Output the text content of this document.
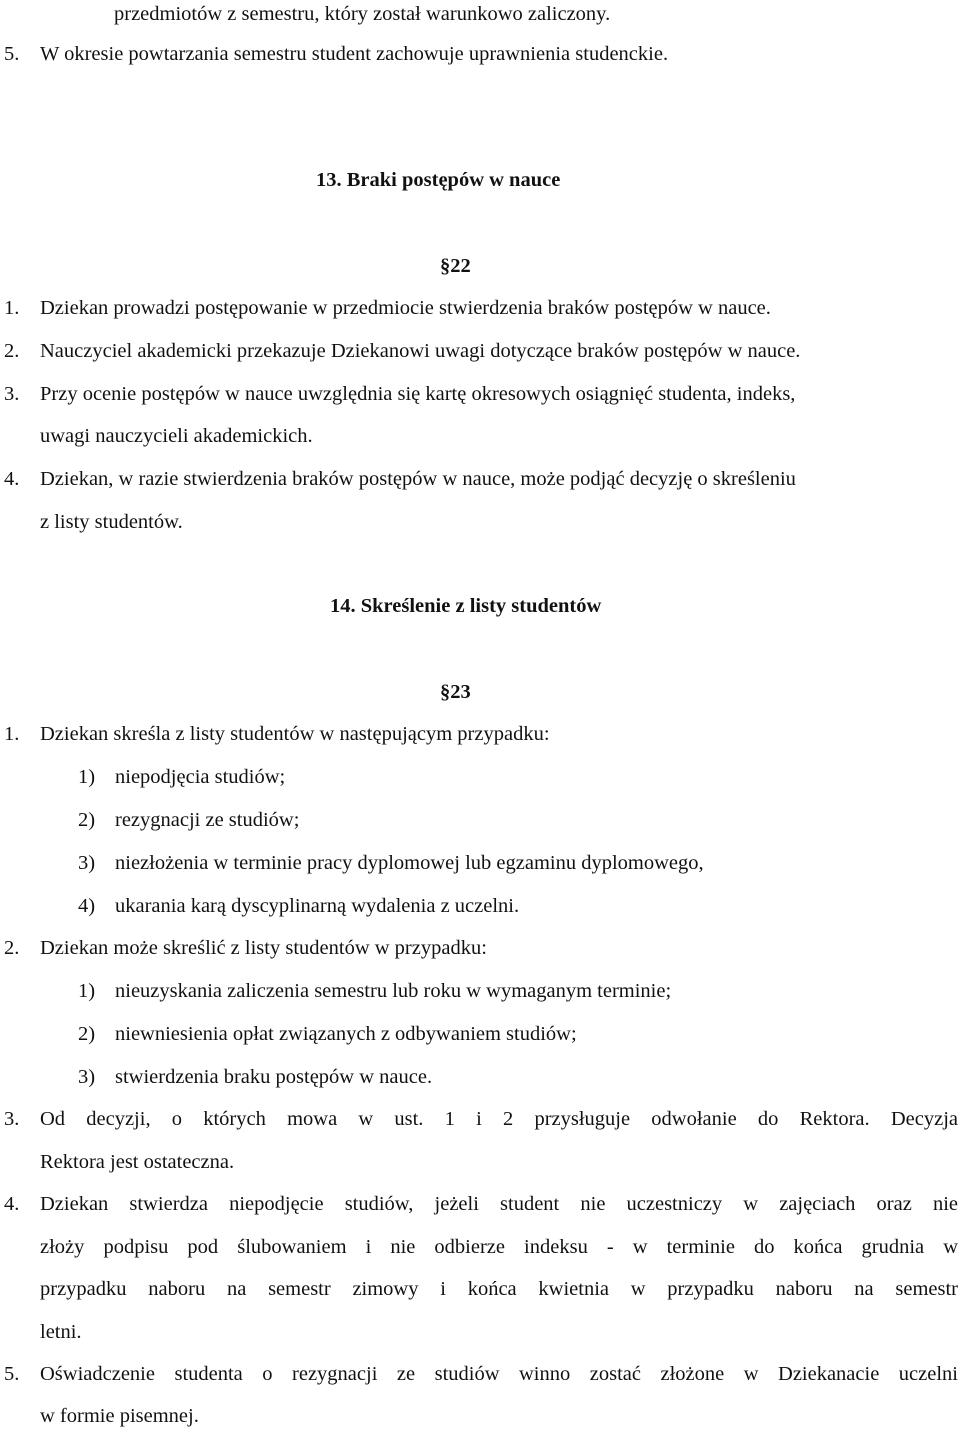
przedmiotów z semestru, który został warunkowo zaliczony.
5. W okresie powtarzania semestru student zachowuje uprawnienia studenckie.
13. Braki postępów w nauce
§22
1. Dziekan prowadzi postępowanie w przedmiocie stwierdzenia braków postępów w nauce.
2. Nauczyciel akademicki przekazuje Dziekanowi uwagi dotyczące braków postępów w nauce.
3. Przy ocenie postępów w nauce uwzględnia się kartę okresowych osiągnięć studenta, indeks,
uwagi nauczycieli akademickich.
4. Dziekan, w razie stwierdzenia braków postępów w nauce, może podjąć decyzję o skreśleniu
z listy studentów.
14. Skreślenie z listy studentów
§23
1. Dziekan skreśla z listy studentów w następującym przypadku:
1) niepodjęcia studiów;
2) rezygnacji ze studiów;
3) niezłożenia w terminie pracy dyplomowej lub egzaminu dyplomowego,
4) ukarania karą dyscyplinarną wydalenia z uczelni.
2. Dziekan może skreślić z listy studentów w przypadku:
1) nieuzyskania zaliczenia semestru lub roku w wymaganym terminie;
2) niewniesienia opłat związanych z odbywaniem studiów;
3) stwierdzenia braku postępów w nauce.
3. Od decyzji, o których mowa w ust. 1 i 2 przysługuje odwołanie do Rektora. Decyzja
Rektora jest ostateczna.
4. Dziekan stwierdza niepodjęcie studiów, jeżeli student nie uczestniczy w zajęciach oraz nie
złoży podpisu pod ślubowaniem i nie odbierze indeksu - w terminie do końca grudnia w
przypadku naboru na semestr zimowy i końca kwietnia w przypadku naboru na semestr
letni.
5. Oświadczenie studenta o rezygnacji ze studiów winno zostać złożone w Dziekanacie uczelni
w formie pisemnej.
